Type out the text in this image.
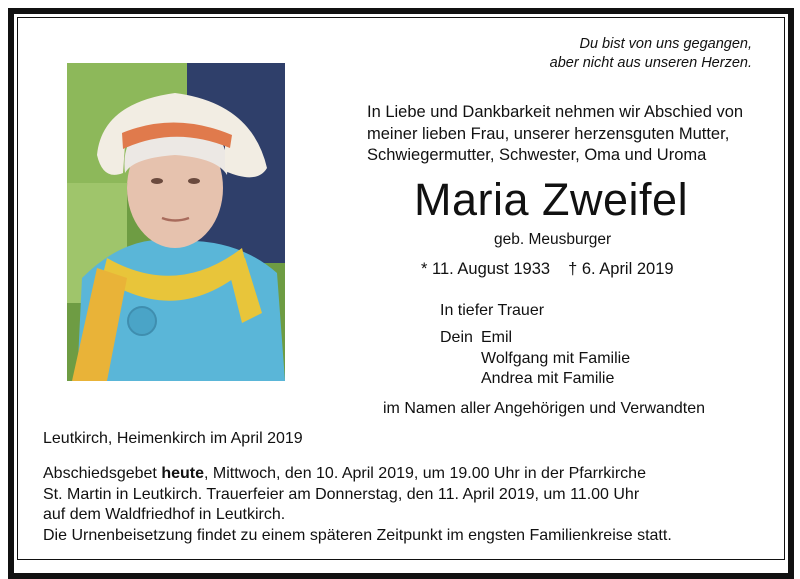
Du bist von uns gegangen,
aber nicht aus unseren Herzen.
In Liebe und Dankbarkeit nehmen wir Abschied von
meiner lieben Frau, unserer herzensguten Mutter,
Schwiegermutter, Schwester, Oma und Uroma
Maria Zweifel
geb. Meusburger
* 11. August 1933 † 6. April 2019
In tiefer Trauer
Dein Emil
Wolfgang mit Familie
Andrea mit Familie
im Namen aller Angehörigen und Verwandten
Leutkirch, Heimenkirch im April 2019
Abschiedsgebet heute, Mittwoch, den 10. April 2019, um 19.00 Uhr in der Pfarrkirche
St. Martin in Leutkirch. Trauerfeier am Donnerstag, den 11. April 2019, um 11.00 Uhr
auf dem Waldfriedhof in Leutkirch.
Die Urnenbeisetzung findet zu einem späteren Zeitpunkt im engsten Familienkreise statt.
